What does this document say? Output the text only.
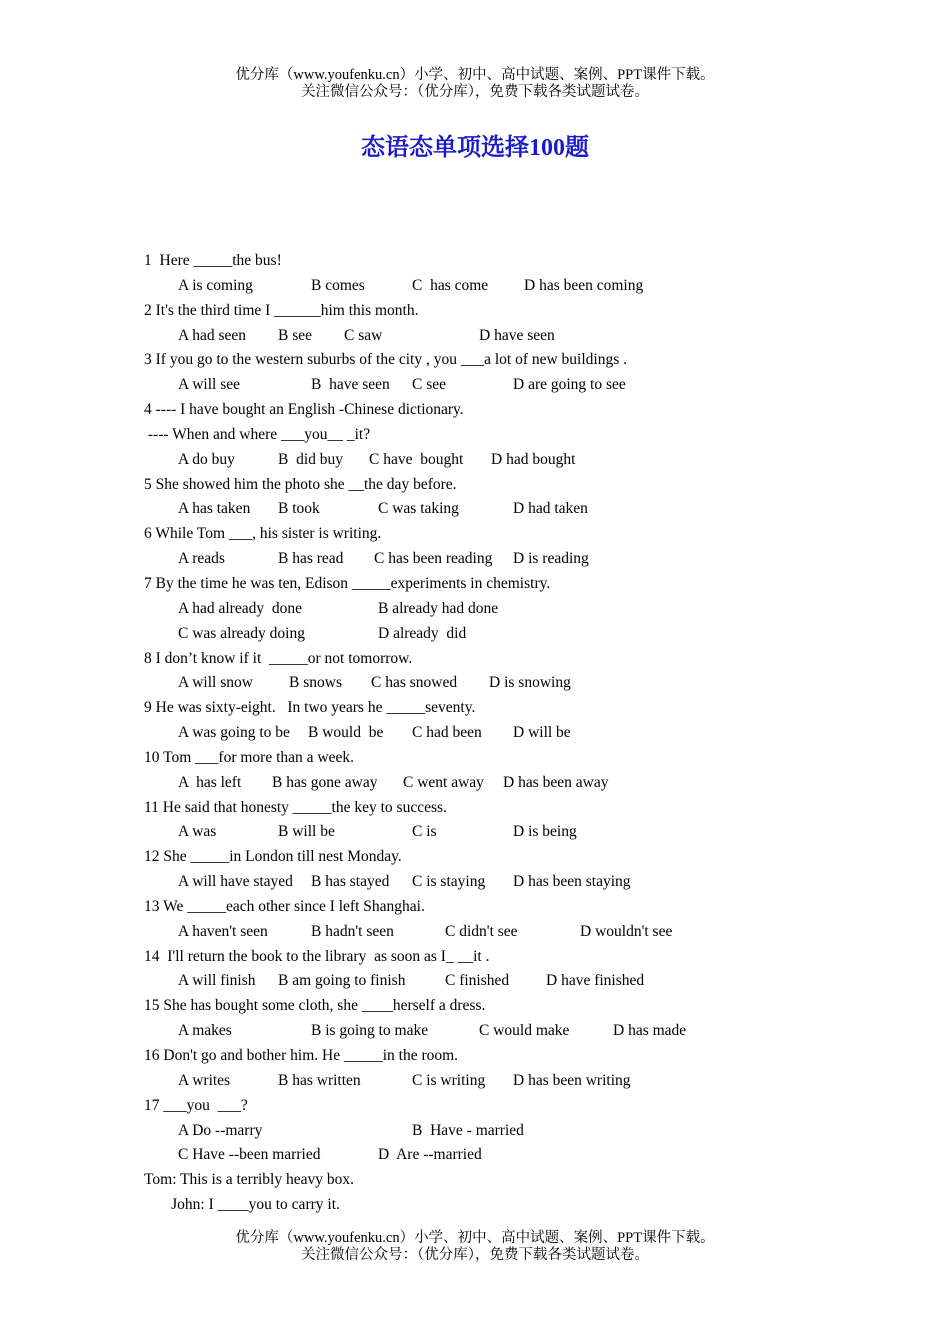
优分库（www.youfenku.cn）小学、初中、高中试题、案例、PPT课件下载。
关注微信公众号：（优分库），免费下载各类试题试卷。
态语态单项选择100题
1  Here _____the bus!
A is coming	B comes	C  has come D has been coming
2 It's the third time I ______him this month.
A had seen B see C saw	D have seen
3 If you go to the western suburbs of the city , you ___a lot of new buildings .
A will see	B  have seen C see	D are going to see
4 ---- I have bought an English -Chinese dictionary.
---- When and where ___you__ _it?
A do buy	B  did buy C have  bought D had bought
5 She showed him the photo she __the day before.
A has taken B took	C was taking	D had taken
6 While Tom ___, his sister is writing.
A reads	B has read C has been reading D is reading
7 By the time he was ten, Edison _____experiments in chemistry.
A had already  done	B already had done
C was already doing	D already  did
8 I don’t know if it  _____or not tomorrow.
A will snow B snows C has snowed D is snowing
9 He was sixty-eight.   In two years he _____seventy.
A was going to be B would  be C had been D will be
10 Tom ___for more than a week.
A  has left B has gone away C went away D has been away
11 He said that honesty _____the key to success.
A was	B will be	C is	D is being
12 She _____in London till nest Monday.
A will have stayed B has stayed C is staying D has been staying
13 We _____each other since I left Shanghai.
A haven't seen	B hadn't seen	C didn't see	D wouldn't see
14  I'll return the book to the library  as soon as I_ __it .
A will finish B am going to finish	C finished D have finished
15 She has bought some cloth, she ____herself a dress.
A makes	B is going to make	C would make	D has made
16 Don't go and bother him. He _____in the room.
A writes	B has written	C is writing D has been writing
17 ___you  ___?
A Do --marry	B  Have - married
C Have --been married	D  Are --married
Tom: This is a terribly heavy box.
John: I ____you to carry it.
优分库（www.youfenku.cn）小学、初中、高中试题、案例、PPT课件下载。
关注微信公众号：（优分库），免费下载各类试题试卷。
